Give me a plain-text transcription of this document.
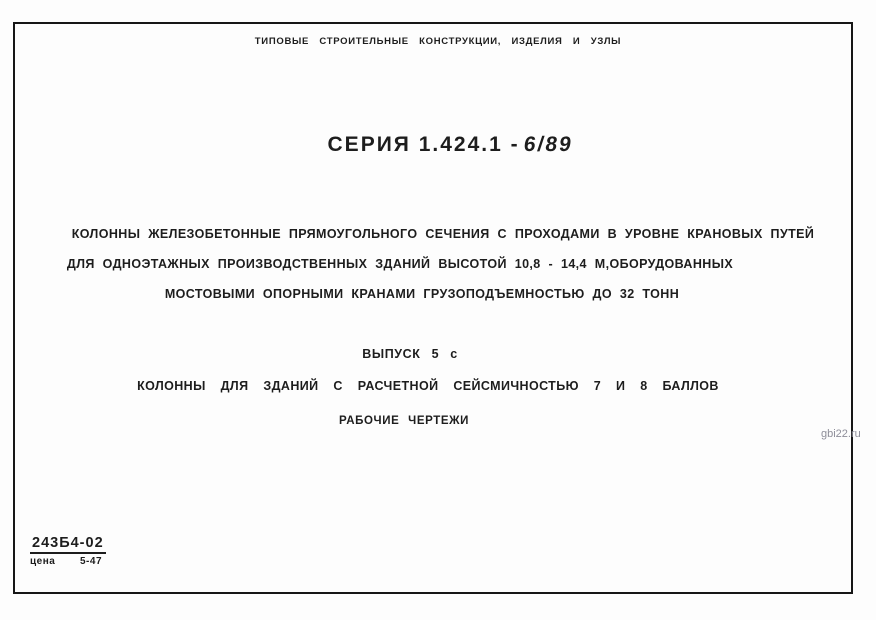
ТИПОВЫЕ СТРОИТЕЛЬНЫЕ КОНСТРУКЦИИ, ИЗДЕЛИЯ И УЗЛЫ
СЕРИЯ 1.424.1 - 6/89
КОЛОННЫ ЖЕЛЕЗОБЕТОННЫЕ ПРЯМОУГОЛЬНОГО СЕЧЕНИЯ С ПРОХОДАМИ В УРОВНЕ КРАНОВЫХ ПУТЕЙ
ДЛЯ ОДНОЭТАЖНЫХ ПРОИЗВОДСТВЕННЫХ ЗДАНИЙ ВЫСОТОЙ 10,8 - 14,4 М,ОБОРУДОВАННЫХ
МОСТОВЫМИ ОПОРНЫМИ КРАНАМИ ГРУЗОПОДЪЕМНОСТЬЮ ДО 32 ТОНН
ВЫПУСК 5 с
КОЛОННЫ ДЛЯ ЗДАНИЙ С РАСЧЕТНОЙ СЕЙСМИЧНОСТЬЮ 7 И 8 БАЛЛОВ
РАБОЧИЕ ЧЕРТЕЖИ
243Б4-02
цена 5-47
gbi22.ru
